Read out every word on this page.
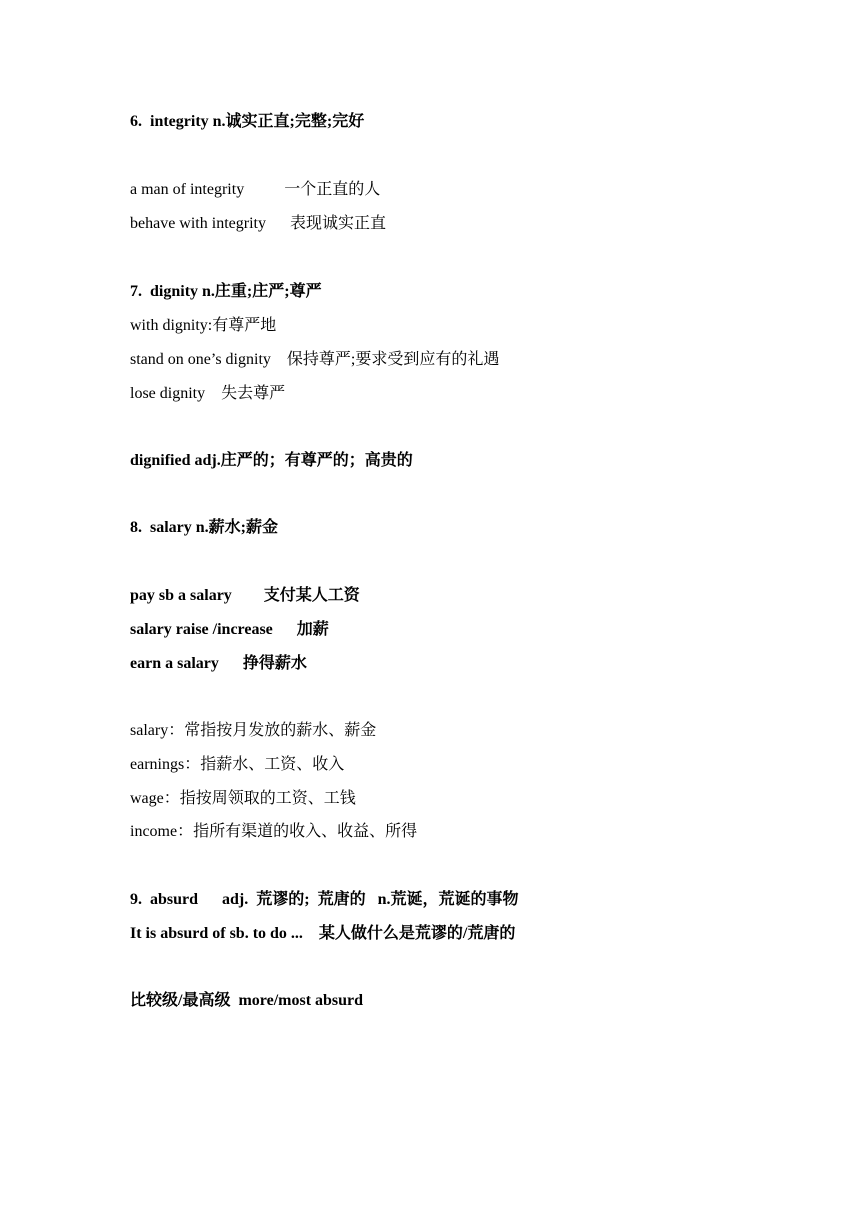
6.  integrity n.诚实正直;完整;完好
a man of integrity          一个正直的人
behave with integrity      表现诚实正直
7.  dignity n.庄重;庄严;尊严
with dignity:有尊严地
stand on one’s dignity    保持尊严;要求受到应有的礼遇
lose dignity    失去尊严
dignified adj.庄严的；有尊严的；高贵的
8.  salary n.薪水;薪金
pay sb a salary        支付某人工资
salary raise /increase      加薪
earn a salary      挣得薪水
salary：常指按月发放的薪水、薪金
earnings：指薪水、工资、收入
wage：指按周领取的工资、工钱
income：指所有渠道的收入、收益、所得
9.  absurd      adj.  荒谬的;  荒唐的   n.荒诞，荒诞的事物
It is absurd of sb. to do ...    某人做什么是荒谬的/荒唐的
比较级/最高级  more/most absurd
